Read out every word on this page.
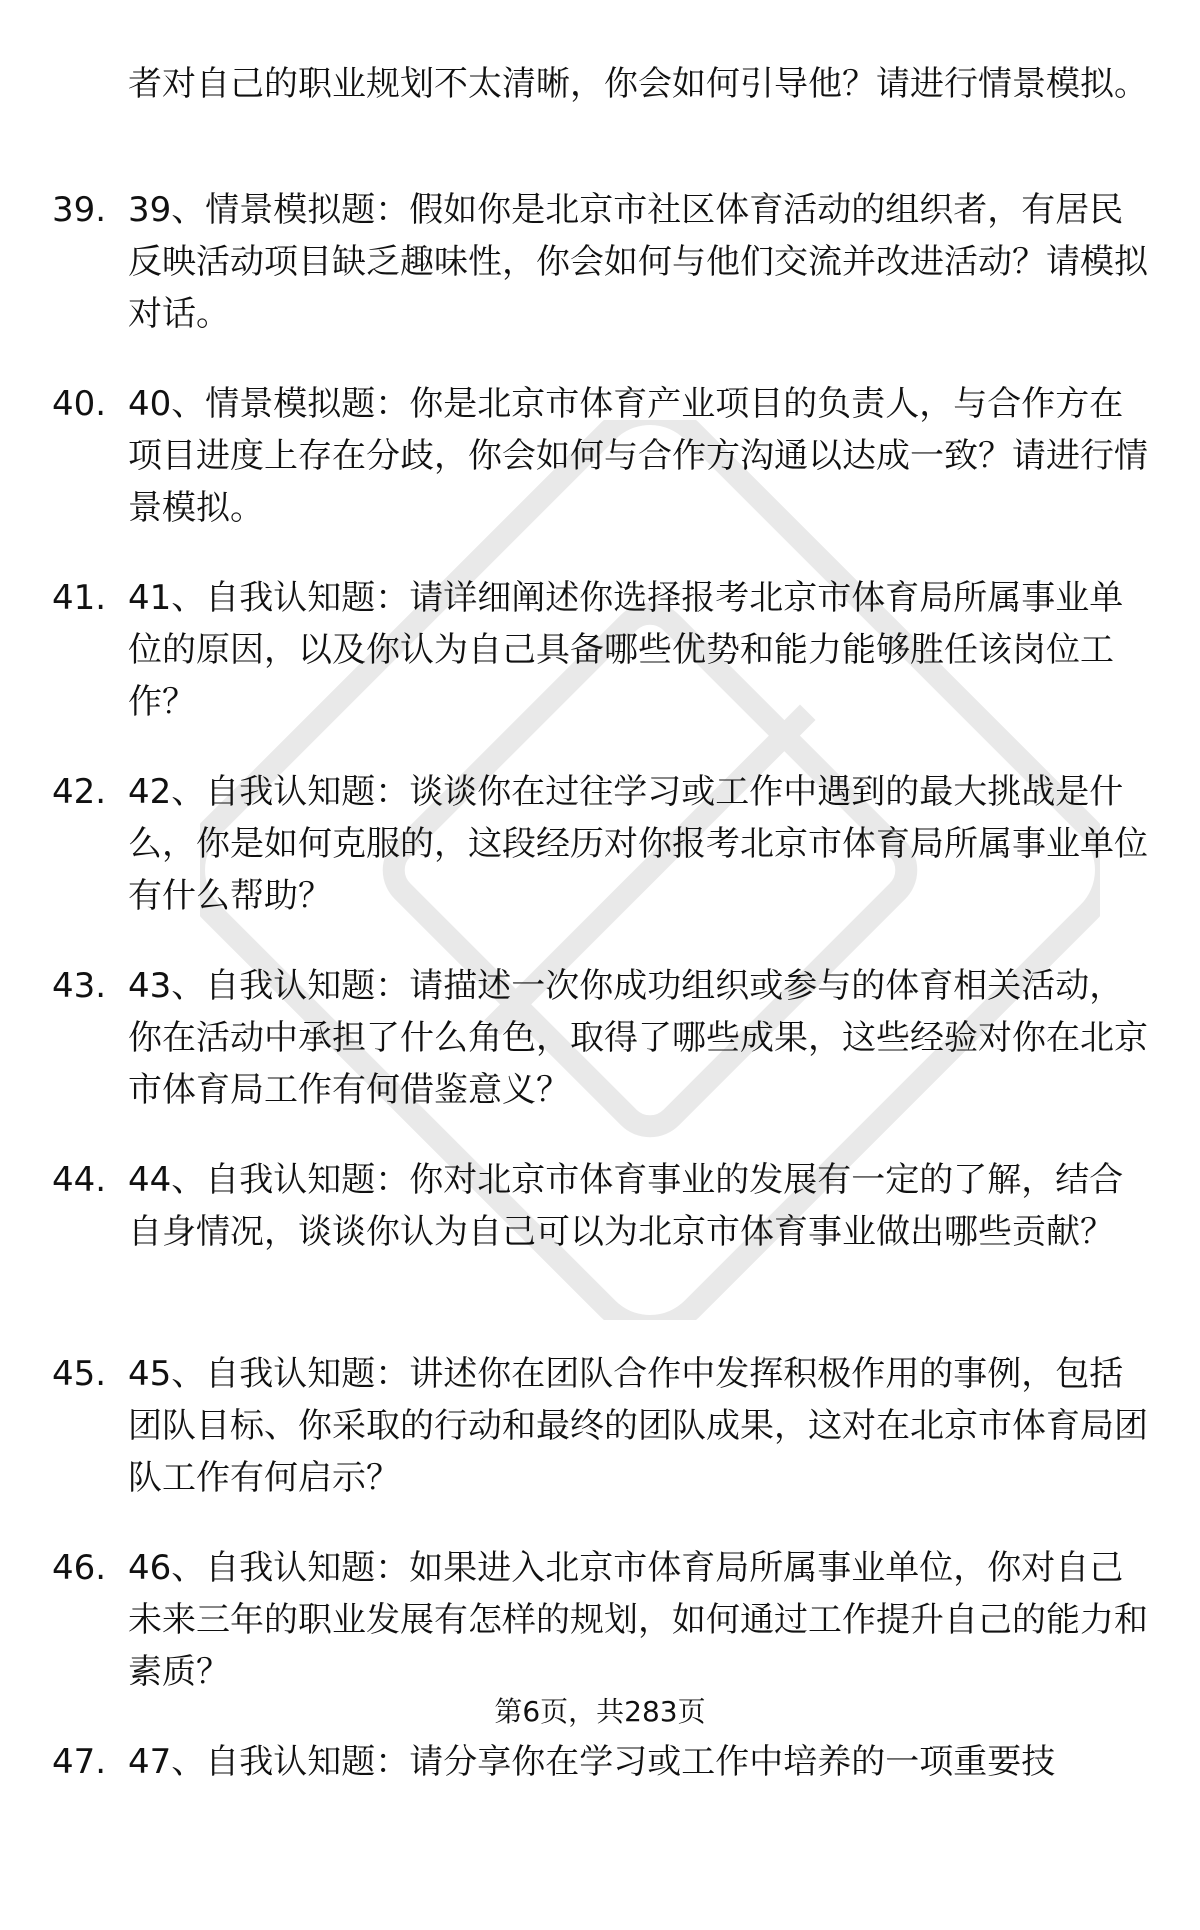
者对自己的职业规划不太清晰，你会如何引导他？请进行情景模拟。
39. 39、情景模拟题：假如你是北京市社区体育活动的组织者，有居民反映活动项目缺乏趣味性，你会如何与他们交流并改进活动？请模拟对话。
40. 40、情景模拟题：你是北京市体育产业项目的负责人，与合作方在项目进度上存在分歧，你会如何与合作方沟通以达成一致？请进行情景模拟。
41. 41、自我认知题：请详细阐述你选择报考北京市体育局所属事业单位的原因，以及你认为自己具备哪些优势和能力能够胜任该岗位工作？
42. 42、自我认知题：谈谈你在过往学习或工作中遇到的最大挑战是什么，你是如何克服的，这段经历对你报考北京市体育局所属事业单位有什么帮助？
43. 43、自我认知题：请描述一次你成功组织或参与的体育相关活动，你在活动中承担了什么角色，取得了哪些成果，这些经验对你在北京市体育局工作有何借鉴意义？
44. 44、自我认知题：你对北京市体育事业的发展有一定的了解，结合自身情况，谈谈你认为自己可以为北京市体育事业做出哪些贡献？
45. 45、自我认知题：讲述你在团队合作中发挥积极作用的事例，包括团队目标、你采取的行动和最终的团队成果，这对在北京市体育局团队工作有何启示？
46. 46、自我认知题：如果进入北京市体育局所属事业单位，你对自己未来三年的职业发展有怎样的规划，如何通过工作提升自己的能力和素质？
47. 47、自我认知题：请分享你在学习或工作中培养的一项重要技
第6页，共283页
